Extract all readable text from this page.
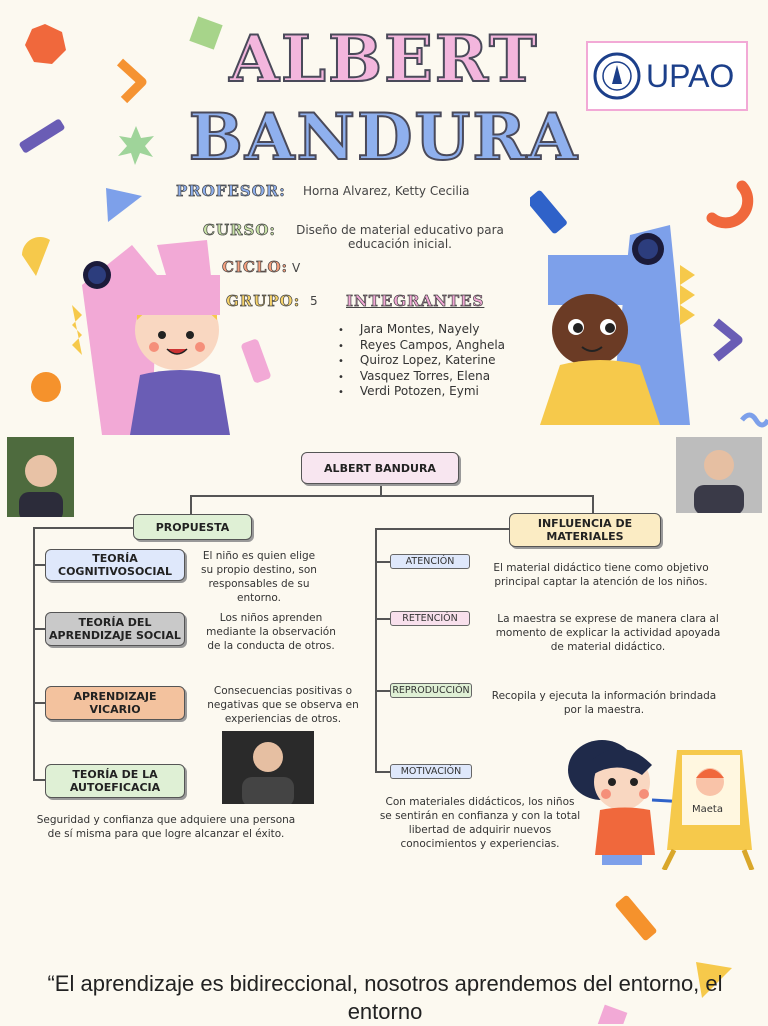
ALBERT
BANDURA
UPAO
PROFESOR: Horna Alvarez, Ketty Cecilia
CURSO:	Diseño de material educativo para
educación inicial.
CICLO: V
GRUPO: 5 INTEGRANTES
• Jara Montes, Nayely
• Reyes Campos, Anghela
• Quiroz Lopez, Katerine
• Vasquez Torres, Elena
• Verdi Potozen, Eymi
ALBERT BANDURA
PROPUESTA	INFLUENCIA DE MATERIALES
TEORÍA COGNITIVOSOCIAL
El niño es quien elige su propio destino, son responsables de su entorno.
TEORÍA DEL APRENDIZAJE SOCIAL
Los niños aprenden mediante la observación de la conducta de otros.
APRENDIZAJE VICARIO
Consecuencias positivas o negativas que se observa en experiencias de otros.
TEORÍA DE LA AUTOEFICACIA
Seguridad y confianza que adquiere una persona de sí misma para que logre alcanzar el éxito.
ATENCIÓN
El material didáctico tiene como objetivo principal captar la atención de los niños.
RETENCIÓN	La maestra se exprese de manera clara al momento de explicar la actividad apoyada de material didáctico.
REPRODUCCIÓN	Recopila y ejecuta la información brindada por la maestra.
MOTIVACIÓN
Con materiales didácticos, los niños se sentirán en confianza y con la total libertad de adquirir nuevos conocimientos y experiencias.
Maeta
“El aprendizaje es bidireccional, nosotros aprendemos del entorno, el entorno
